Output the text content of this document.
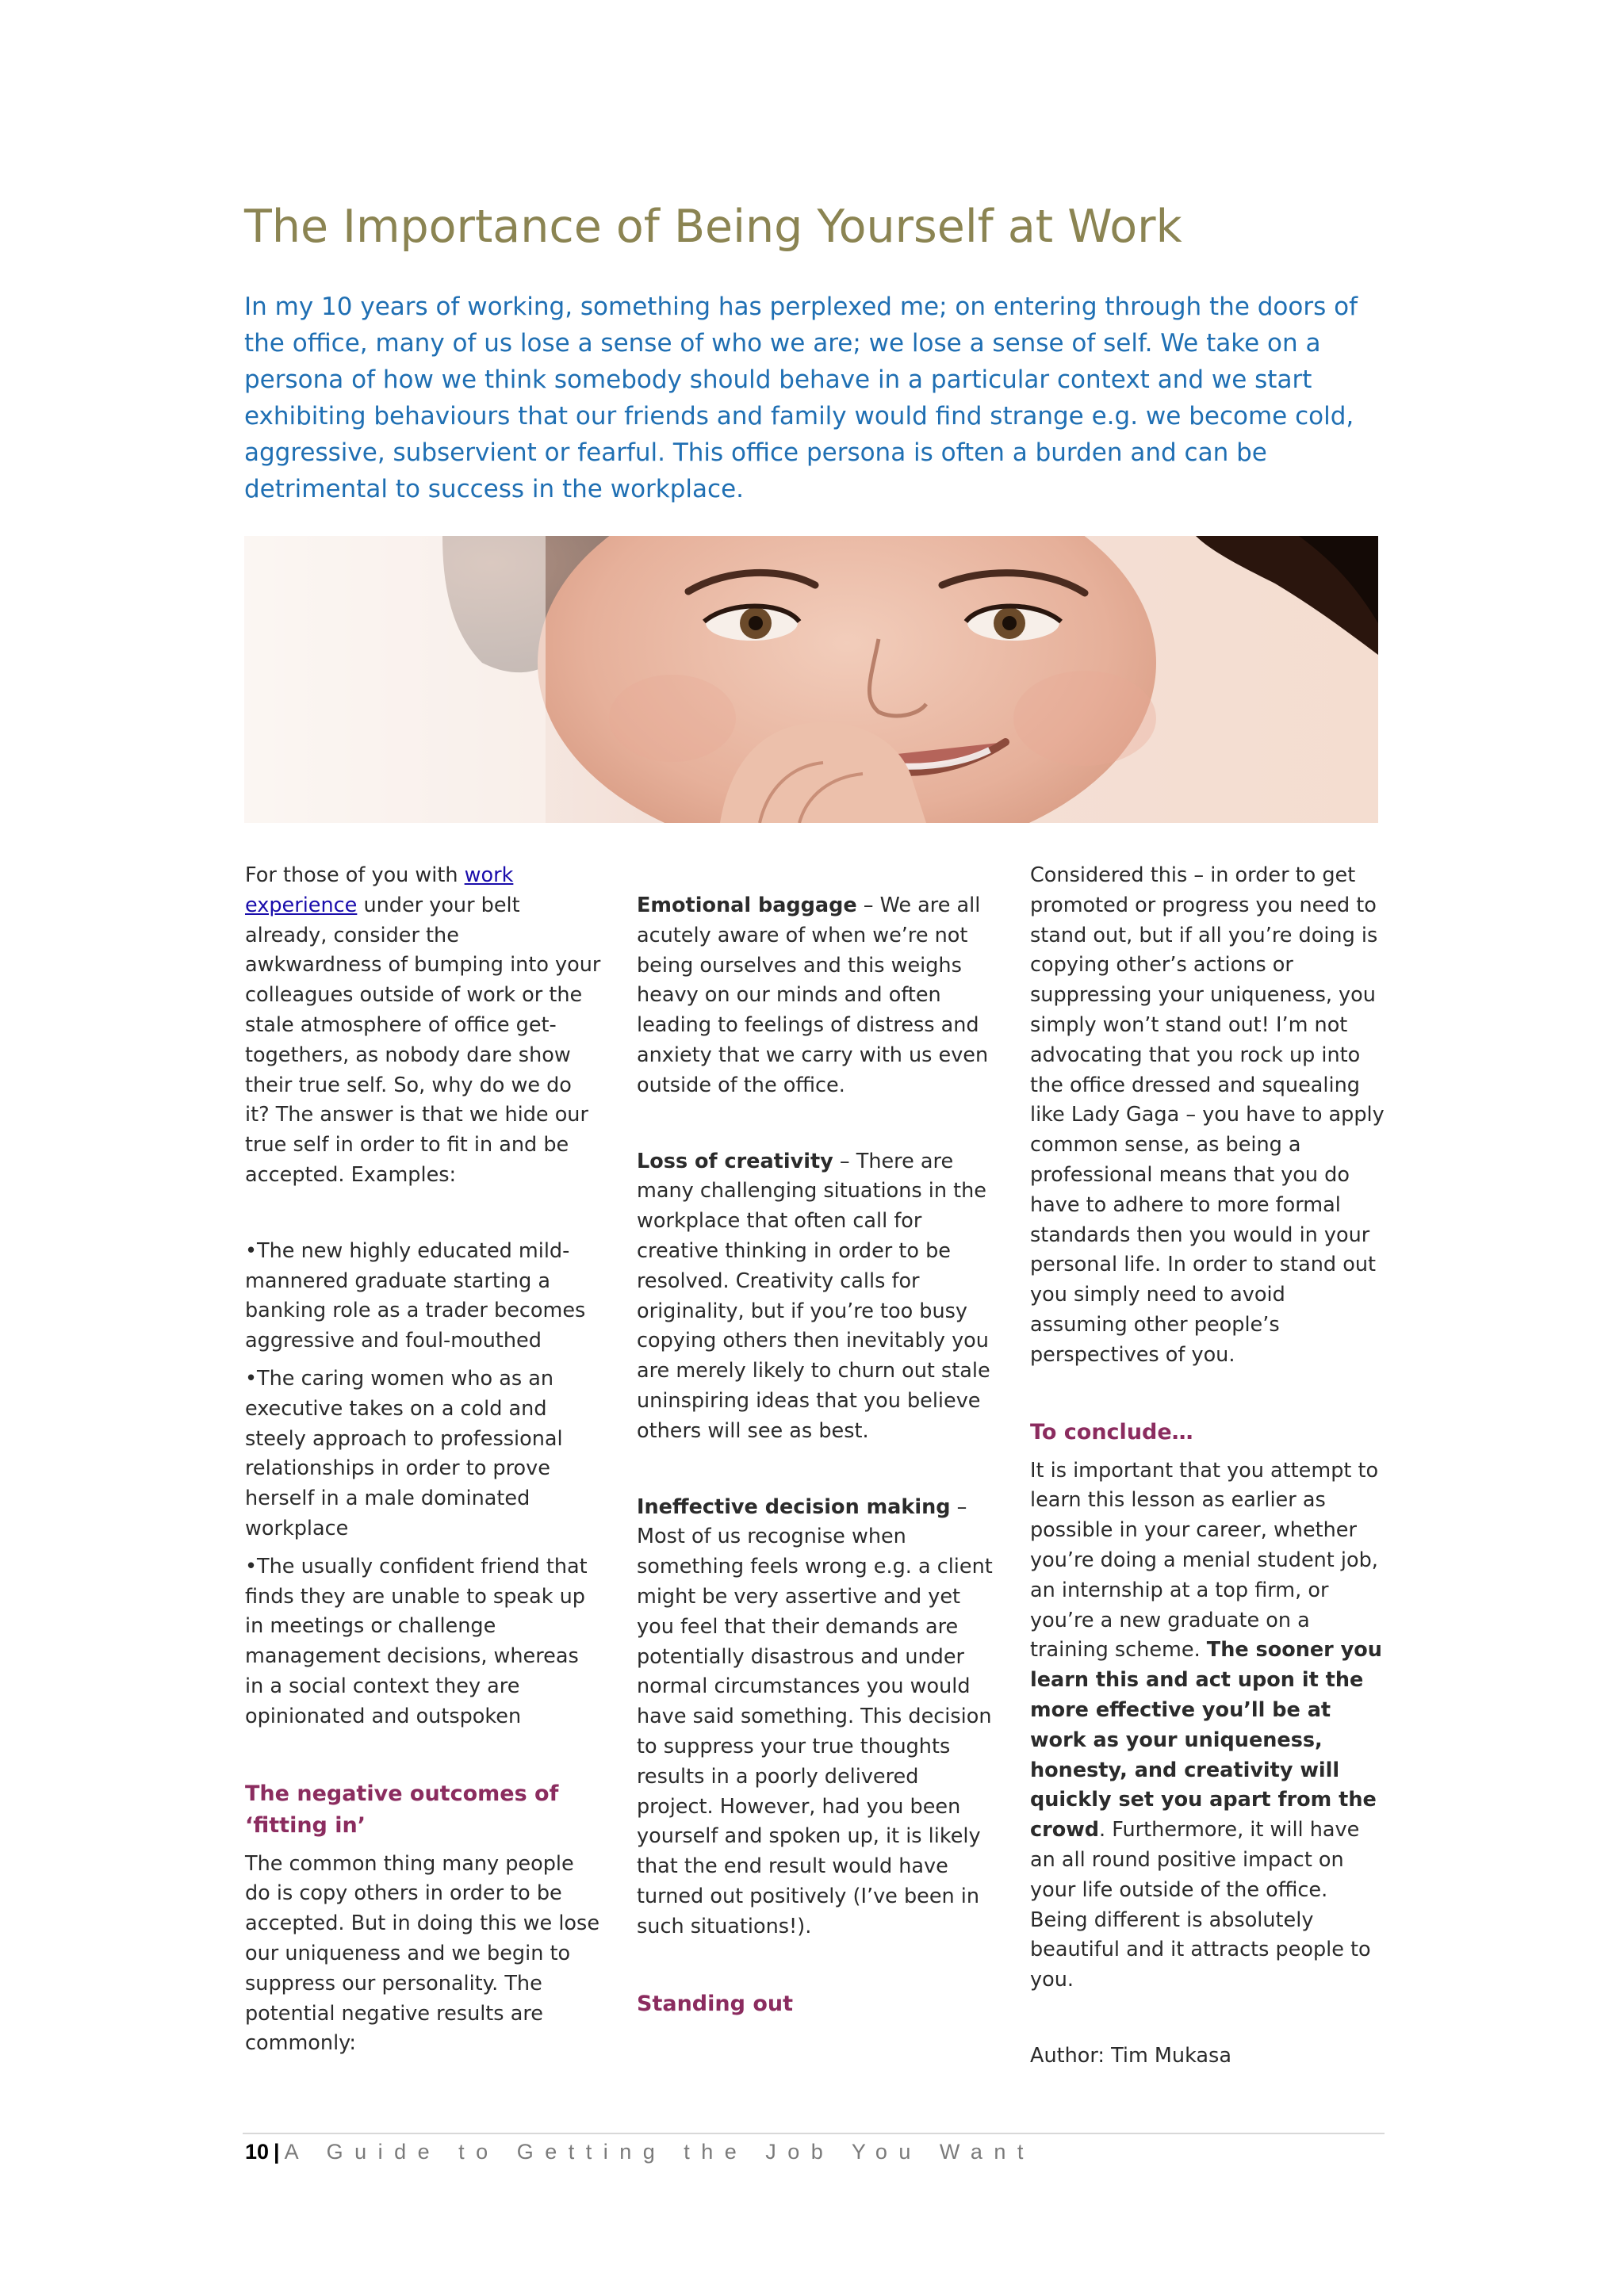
The Importance of Being Yourself at Work

In my 10 years of working, something has perplexed me; on entering through the doors of the office, many of us lose a sense of who we are; we lose a sense of self. We take on a persona of how we think somebody should behave in a particular context and we start exhibiting behaviours that our friends and family would find strange e.g. we become cold, aggressive, subservient or fearful. This office persona is often a burden and can be detrimental to success in the workplace.

For those of you with work experience under your belt already, consider the awkwardness of bumping into your colleagues outside of work or the stale atmosphere of office get-togethers, as nobody dare show their true self. So, why do we do it? The answer is that we hide our true self in order to fit in and be accepted. Examples:

•The new highly educated mild-mannered graduate starting a banking role as a trader becomes aggressive and foul-mouthed

•The caring women who as an executive takes on a cold and steely approach to professional relationships in order to prove herself in a male dominated workplace

•The usually confident friend that finds they are unable to speak up in meetings or challenge management decisions, whereas in a social context they are opinionated and outspoken

The negative outcomes of ‘fitting in’

The common thing many people do is copy others in order to be accepted. But in doing this we lose our uniqueness and we begin to suppress our personality. The potential negative results are commonly:

Emotional baggage – We are all acutely aware of when we’re not being ourselves and this weighs heavy on our minds and often leading to feelings of distress and anxiety that we carry with us even outside of the office.

Loss of creativity – There are many challenging situations in the workplace that often call for creative thinking in order to be resolved. Creativity calls for originality, but if you’re too busy copying others then inevitably you are merely likely to churn out stale uninspiring ideas that you believe others will see as best.

Ineffective decision making – Most of us recognise when something feels wrong e.g. a client might be very assertive and yet you feel that their demands are potentially disastrous and under normal circumstances you would have said something. This decision to suppress your true thoughts results in a poorly delivered project. However, had you been yourself and spoken up, it is likely that the end result would have turned out positively (I’ve been in such situations!).

Standing out

Considered this – in order to get promoted or progress you need to stand out, but if all you’re doing is copying other’s actions or suppressing your uniqueness, you simply won’t stand out! I’m not advocating that you rock up into the office dressed and squealing like Lady Gaga – you have to apply common sense, as being a professional means that you do have to adhere to more formal standards then you would in your personal life. In order to stand out you simply need to avoid assuming other people’s perspectives of you.

To conclude…

It is important that you attempt to learn this lesson as earlier as possible in your career, whether you’re doing a menial student job, an internship at a top firm, or you’re a new graduate on a training scheme. The sooner you learn this and act upon it the more effective you’ll be at work as your uniqueness, honesty, and creativity will quickly set you apart from the crowd. Furthermore, it will have an all round positive impact on your life outside of the office. Being different is absolutely beautiful and it attracts people to you.

Author: Tim Mukasa

10 | A Guide to Getting the Job You Want
